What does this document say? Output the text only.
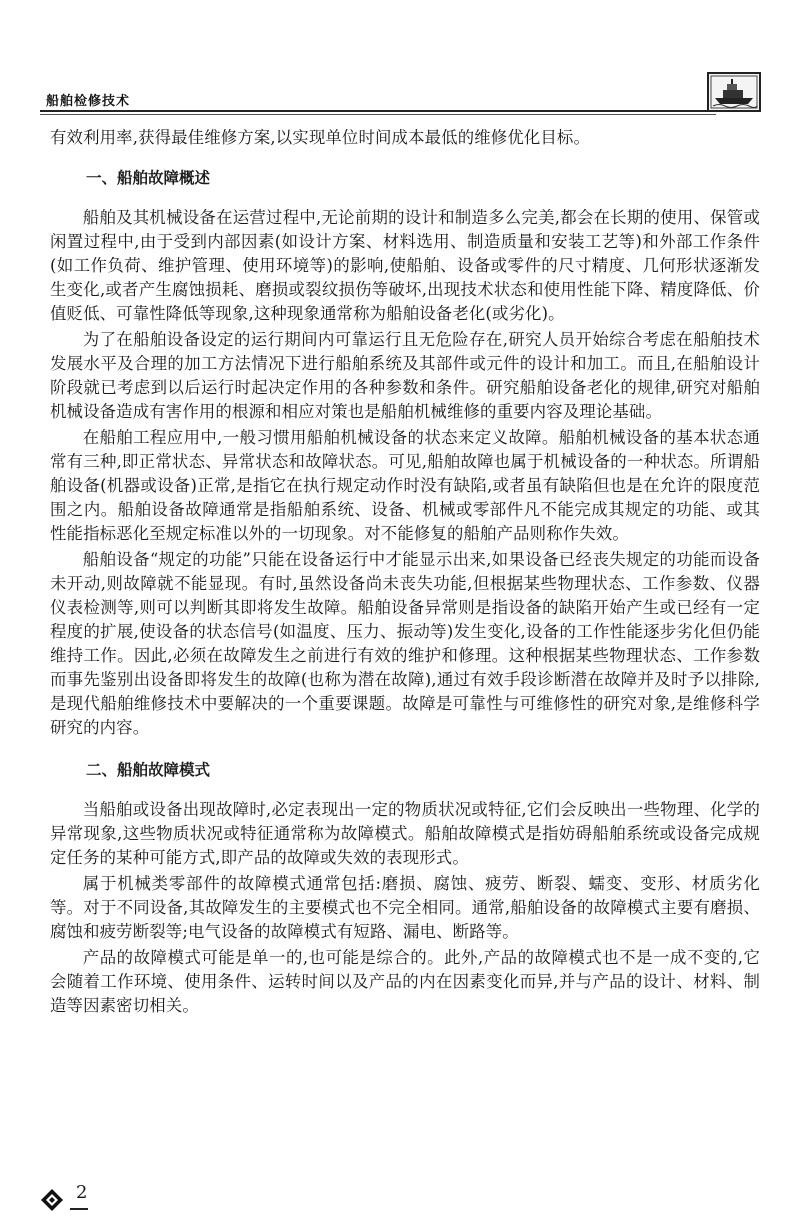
船舶检修技术

有效利用率,获得最佳维修方案,以实现单位时间成本最低的维修优化目标。

一、船舶故障概述

船舶及其机械设备在运营过程中,无论前期的设计和制造多么完美,都会在长期的使用、保管或闲置过程中,由于受到内部因素(如设计方案、材料选用、制造质量和安装工艺等)和外部工作条件(如工作负荷、维护管理、使用环境等)的影响,使船舶、设备或零件的尺寸精度、几何形状逐渐发生变化,或者产生腐蚀损耗、磨损或裂纹损伤等破坏,出现技术状态和使用性能下降、精度降低、价值贬低、可靠性降低等现象,这种现象通常称为船舶设备老化(或劣化)。

为了在船舶设备设定的运行期间内可靠运行且无危险存在,研究人员开始综合考虑在船舶技术发展水平及合理的加工方法情况下进行船舶系统及其部件或元件的设计和加工。而且,在船舶设计阶段就已考虑到以后运行时起决定作用的各种参数和条件。研究船舶设备老化的规律,研究对船舶机械设备造成有害作用的根源和相应对策也是船舶机械维修的重要内容及理论基础。

在船舶工程应用中,一般习惯用船舶机械设备的状态来定义故障。船舶机械设备的基本状态通常有三种,即正常状态、异常状态和故障状态。可见,船舶故障也属于机械设备的一种状态。所谓船舶设备(机器或设备)正常,是指它在执行规定动作时没有缺陷,或者虽有缺陷但也是在允许的限度范围之内。船舶设备故障通常是指船舶系统、设备、机械或零部件凡不能完成其规定的功能、或其性能指标恶化至规定标准以外的一切现象。对不能修复的船舶产品则称作失效。

船舶设备“规定的功能”只能在设备运行中才能显示出来,如果设备已经丧失规定的功能而设备未开动,则故障就不能显现。有时,虽然设备尚未丧失功能,但根据某些物理状态、工作参数、仪器仪表检测等,则可以判断其即将发生故障。船舶设备异常则是指设备的缺陷开始产生或已经有一定程度的扩展,使设备的状态信号(如温度、压力、振动等)发生变化,设备的工作性能逐步劣化但仍能维持工作。因此,必须在故障发生之前进行有效的维护和修理。这种根据某些物理状态、工作参数而事先鉴别出设备即将发生的故障(也称为潜在故障),通过有效手段诊断潜在故障并及时予以排除,是现代船舶维修技术中要解决的一个重要课题。故障是可靠性与可维修性的研究对象,是维修科学研究的内容。

二、船舶故障模式

当船舶或设备出现故障时,必定表现出一定的物质状况或特征,它们会反映出一些物理、化学的异常现象,这些物质状况或特征通常称为故障模式。船舶故障模式是指妨碍船舶系统或设备完成规定任务的某种可能方式,即产品的故障或失效的表现形式。

属于机械类零部件的故障模式通常包括:磨损、腐蚀、疲劳、断裂、蠕变、变形、材质劣化等。对于不同设备,其故障发生的主要模式也不完全相同。通常,船舶设备的故障模式主要有磨损、腐蚀和疲劳断裂等;电气设备的故障模式有短路、漏电、断路等。

产品的故障模式可能是单一的,也可能是综合的。此外,产品的故障模式也不是一成不变的,它会随着工作环境、使用条件、运转时间以及产品的内在因素变化而异,并与产品的设计、材料、制造等因素密切相关。

2
